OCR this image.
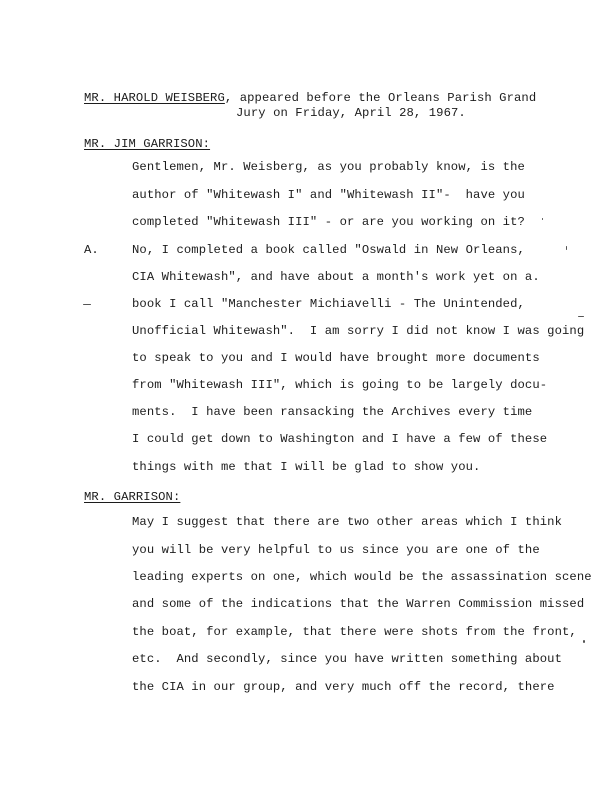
MR. HAROLD WEISBERG, appeared before the Orleans Parish Grand
Jury on Friday, April 28, 1967.
MR. JIM GARRISON:
Gentlemen, Mr. Weisberg, as you probably know, is the
author of "Whitewash I" and "Whitewash II"-  have you
completed "Whitewash III" - or are you working on it?
A.	No, I completed a book called "Oswald in New Orleans,
CIA Whitewash", and have about a month's work yet on a.
book I call "Manchester Michiavelli - The Unintended,
Unofficial Whitewash".  I am sorry I did not know I was going
to speak to you and I would have brought more documents
from "Whitewash III", which is going to be largely docu-
ments.  I have been ransacking the Archives every time
I could get down to Washington and I have a few of these
things with me that I will be glad to show you.
MR. GARRISON:
May I suggest that there are two other areas which I think
you will be very helpful to us since you are one of the
leading experts on one, which would be the assassination scene
and some of the indications that the Warren Commission missed
the boat, for example, that there were shots from the front,
etc.  And secondly, since you have written something about
the CIA in our group, and very much off the record, there
